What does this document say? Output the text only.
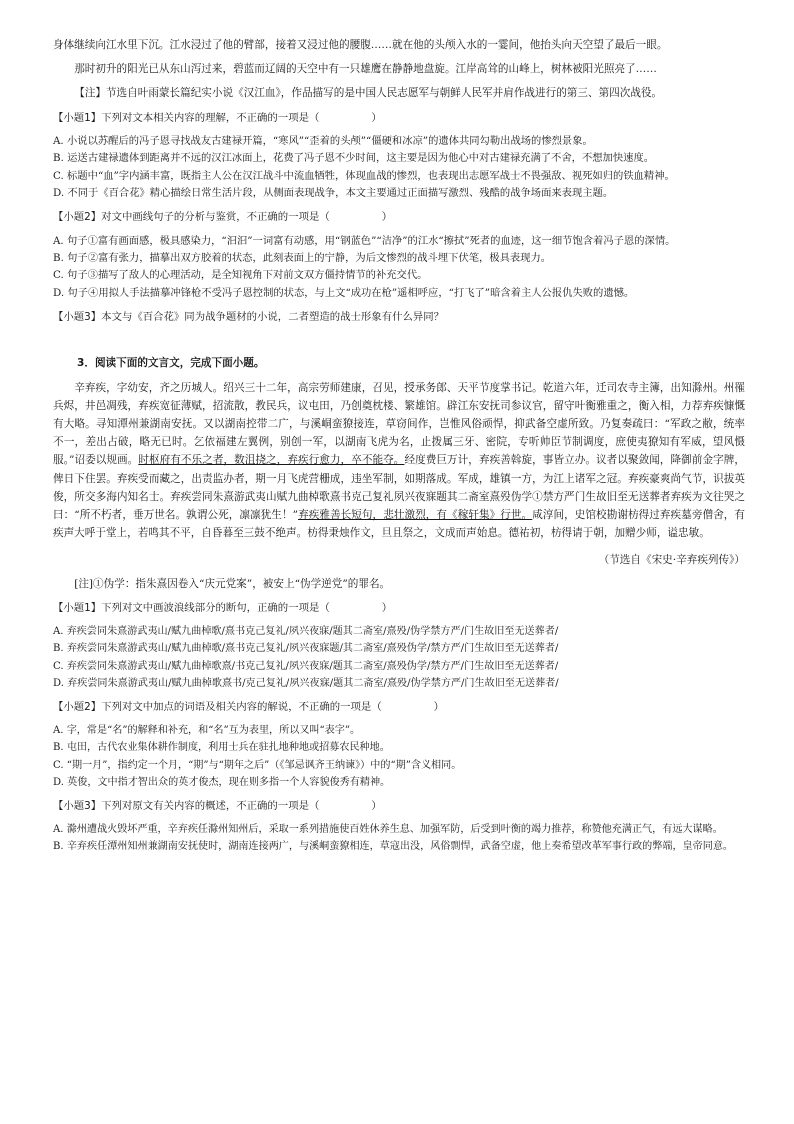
身体继续向江水里下沉。江水浸过了他的臂部，接着又浸过他的腰腹……就在他的头颅入水的一霎间，他抬头向天空望了最后一眼。

那时初升的阳光已从东山泻过来，碧蓝而辽阔的天空中有一只雄鹰在静静地盘旋。江岸高耸的山峰上，树林被阳光照亮了……

【注】节选自叶雨蒙长篇纪实小说《汉江血》，作品描写的是中国人民志愿军与朝鲜人民军并肩作战进行的第三、第四次战役。

【小题1】下列对文本相关内容的理解，不正确的一项是（　　　　　）

A. 小说以苏醒后的冯子恩寻找战友古建禄开篇，“寒风”“歪着的头颅”“僵硬和冰凉”的遗体共同勾勒出战场的惨烈景象。

B. 运送古建禄遗体到距离并不远的汉江冰面上，花费了冯子恩不少时间，这主要是因为他心中对古建禄充满了不舍，不想加快速度。

C. 标题中“血”字内涵丰富，既指主人公在汉江战斗中流血牺牲，体现血战的惨烈，也表现出志愿军战士不畏强敌、视死如归的铁血精神。

D. 不同于《百合花》精心描绘日常生活片段，从侧面表现战争，本文主要通过正面描写激烈、残酷的战争场面来表现主题。

【小题2】对文中画线句子的分析与鉴赏，不正确的一项是（　　　　　）

A. 句子①富有画面感，极具感染力，“汩汩”一词富有动感，用“钢蓝色”“洁净”的江水“擦拭”死者的血迹，这一细节饱含着冯子恩的深情。

B. 句子②富有张力，描摹出双方胶着的状态，此刻表面上的宁静，为后文惨烈的战斗埋下伏笔，极具表现力。

C. 句子③描写了敌人的心理活动，是全知视角下对前文双方僵持情节的补充交代。

D. 句子④用拟人手法描摹冲锋枪不受冯子恩控制的状态，与上文“成功在枪”遥相呼应，“打飞了”暗含着主人公报仇失败的遗憾。

【小题3】本文与《百合花》同为战争题材的小说，二者塑造的战士形象有什么异同？

3．阅读下面的文言文，完成下面小题。

辛弃疾，字幼安，齐之历城人。绍兴三十二年，高宗劳师建康，召见，授承务郎、天平节度掌书记。乾道六年，迁司农寺主簿，出知滁州。州罹兵烬，井邑凋残，弃疾宽征薄赋，招流散，教民兵，议屯田，乃创奠枕楼、繁雄馆。辟江东安抚司参议官，留守叶衡雅重之，衡入相，力荐弃疾慷慨有大略。寻知潭州兼湖南安抚。又以湖南控带二广，与溪峒蛮獠接连，草窃间作，岂惟风俗顽悍，抑武备空虚所致。乃复奏疏曰：“军政之敝，统率不一，差出占破，略无已时。乞依福建左翼例，别创一军，以湖南飞虎为名，止拨属三牙、密院，专听帅臣节制调度，庶使夷獠知有军威，望风慑服。”诏委以规画。时枢府有不乐之者，数沮挠之，弃疾行愈力，卒不能夺。经度费巨万计，弃疾善斡旋，事皆立办。议者以聚敛闻，降御前金字牌，俾日下住罢。弃疾受而藏之，出责监办者，期一月飞虎营栅成，违坐军制，如期落成。军成，雄镇一方，为江上诸军之冠。弃疾豪爽尚气节，识拔英俊，所交多海内知名士。弃疾尝同朱熹游武夷山赋九曲棹歌熹书克己复礼夙兴夜寐题其二斋室熹殁伪学①禁方严门生故旧至无送葬者弃疾为文往哭之曰：“所不朽者，垂万世名。孰谓公死，凛凛犹生！”弃疾雅善长短句，悲壮激烈，有《稼轩集》行世。咸淳间，史馆校勘谢枋得过弃疾墓旁僧舍，有疾声大呼于堂上，若鸣其不平，自昏暮至三鼓不绝声。枋得秉烛作文，旦且祭之，文成而声始息。德祐初，枋得请于朝，加赠少师，谥忠敏。

（节选自《宋史·辛弃疾列传》）

[注]①伪学：指朱熹因卷入“庆元党案”，被安上“伪学逆党”的罪名。

【小题1】下列对文中画波浪线部分的断句，正确的一项是（　　　　　）

A. 弃疾尝同朱熹游武夷山/赋九曲棹歌/熹书克己复礼/夙兴夜寐/题其二斋室/熹殁/伪学禁方严/门生故旧至无送葬者/

B. 弃疾尝同朱熹游武夷山/赋九曲棹歌/熹书克己复礼/夙兴夜寐题/其二斋室/熹殁伪学/禁方严/门生故旧至无送葬者/

C. 弃疾尝同朱熹游武夷山/赋九曲棹歌熹/书克己复礼/夙兴夜寐/题其二斋室/熹殁伪学/禁方严/门生故旧至无送葬者/

D. 弃疾尝同朱熹游武夷山/赋九曲棹歌熹书/克己复礼/夙兴夜寐/题其二斋室/熹殁/伪学禁方严/门生故旧至无送葬者/

【小题2】下列对文中加点的词语及相关内容的解说，不正确的一项是（　　　　　）

A. 字，常是“名”的解释和补充，和“名”互为表里，所以又叫“表字”。

B. 屯田，古代农业集体耕作制度，利用士兵在驻扎地种地或招募农民种地。

C. “期一月”，指约定一个月，“期”与“期年之后”（《邹忌讽齐王纳谏》）中的“期”含义相同。

D. 英俊，文中指才智出众的英才俊杰，现在则多指一个人容貌俊秀有精神。

【小题3】下列对原文有关内容的概述，不正确的一项是（　　　　　）

A. 滁州遭战火毁坏严重，辛弃疾任滁州知州后，采取一系列措施使百姓休养生息、加强军防，后受到叶衡的竭力推荐，称赞他充满正气，有远大谋略。

B. 辛弃疾任潭州知州兼湖南安抚使时，湖南连接两广，与溪峒蛮獠相连，草寇出没，风俗剽悍，武备空虚，他上奏希望改革军事行政的弊端，皇帝同意。
